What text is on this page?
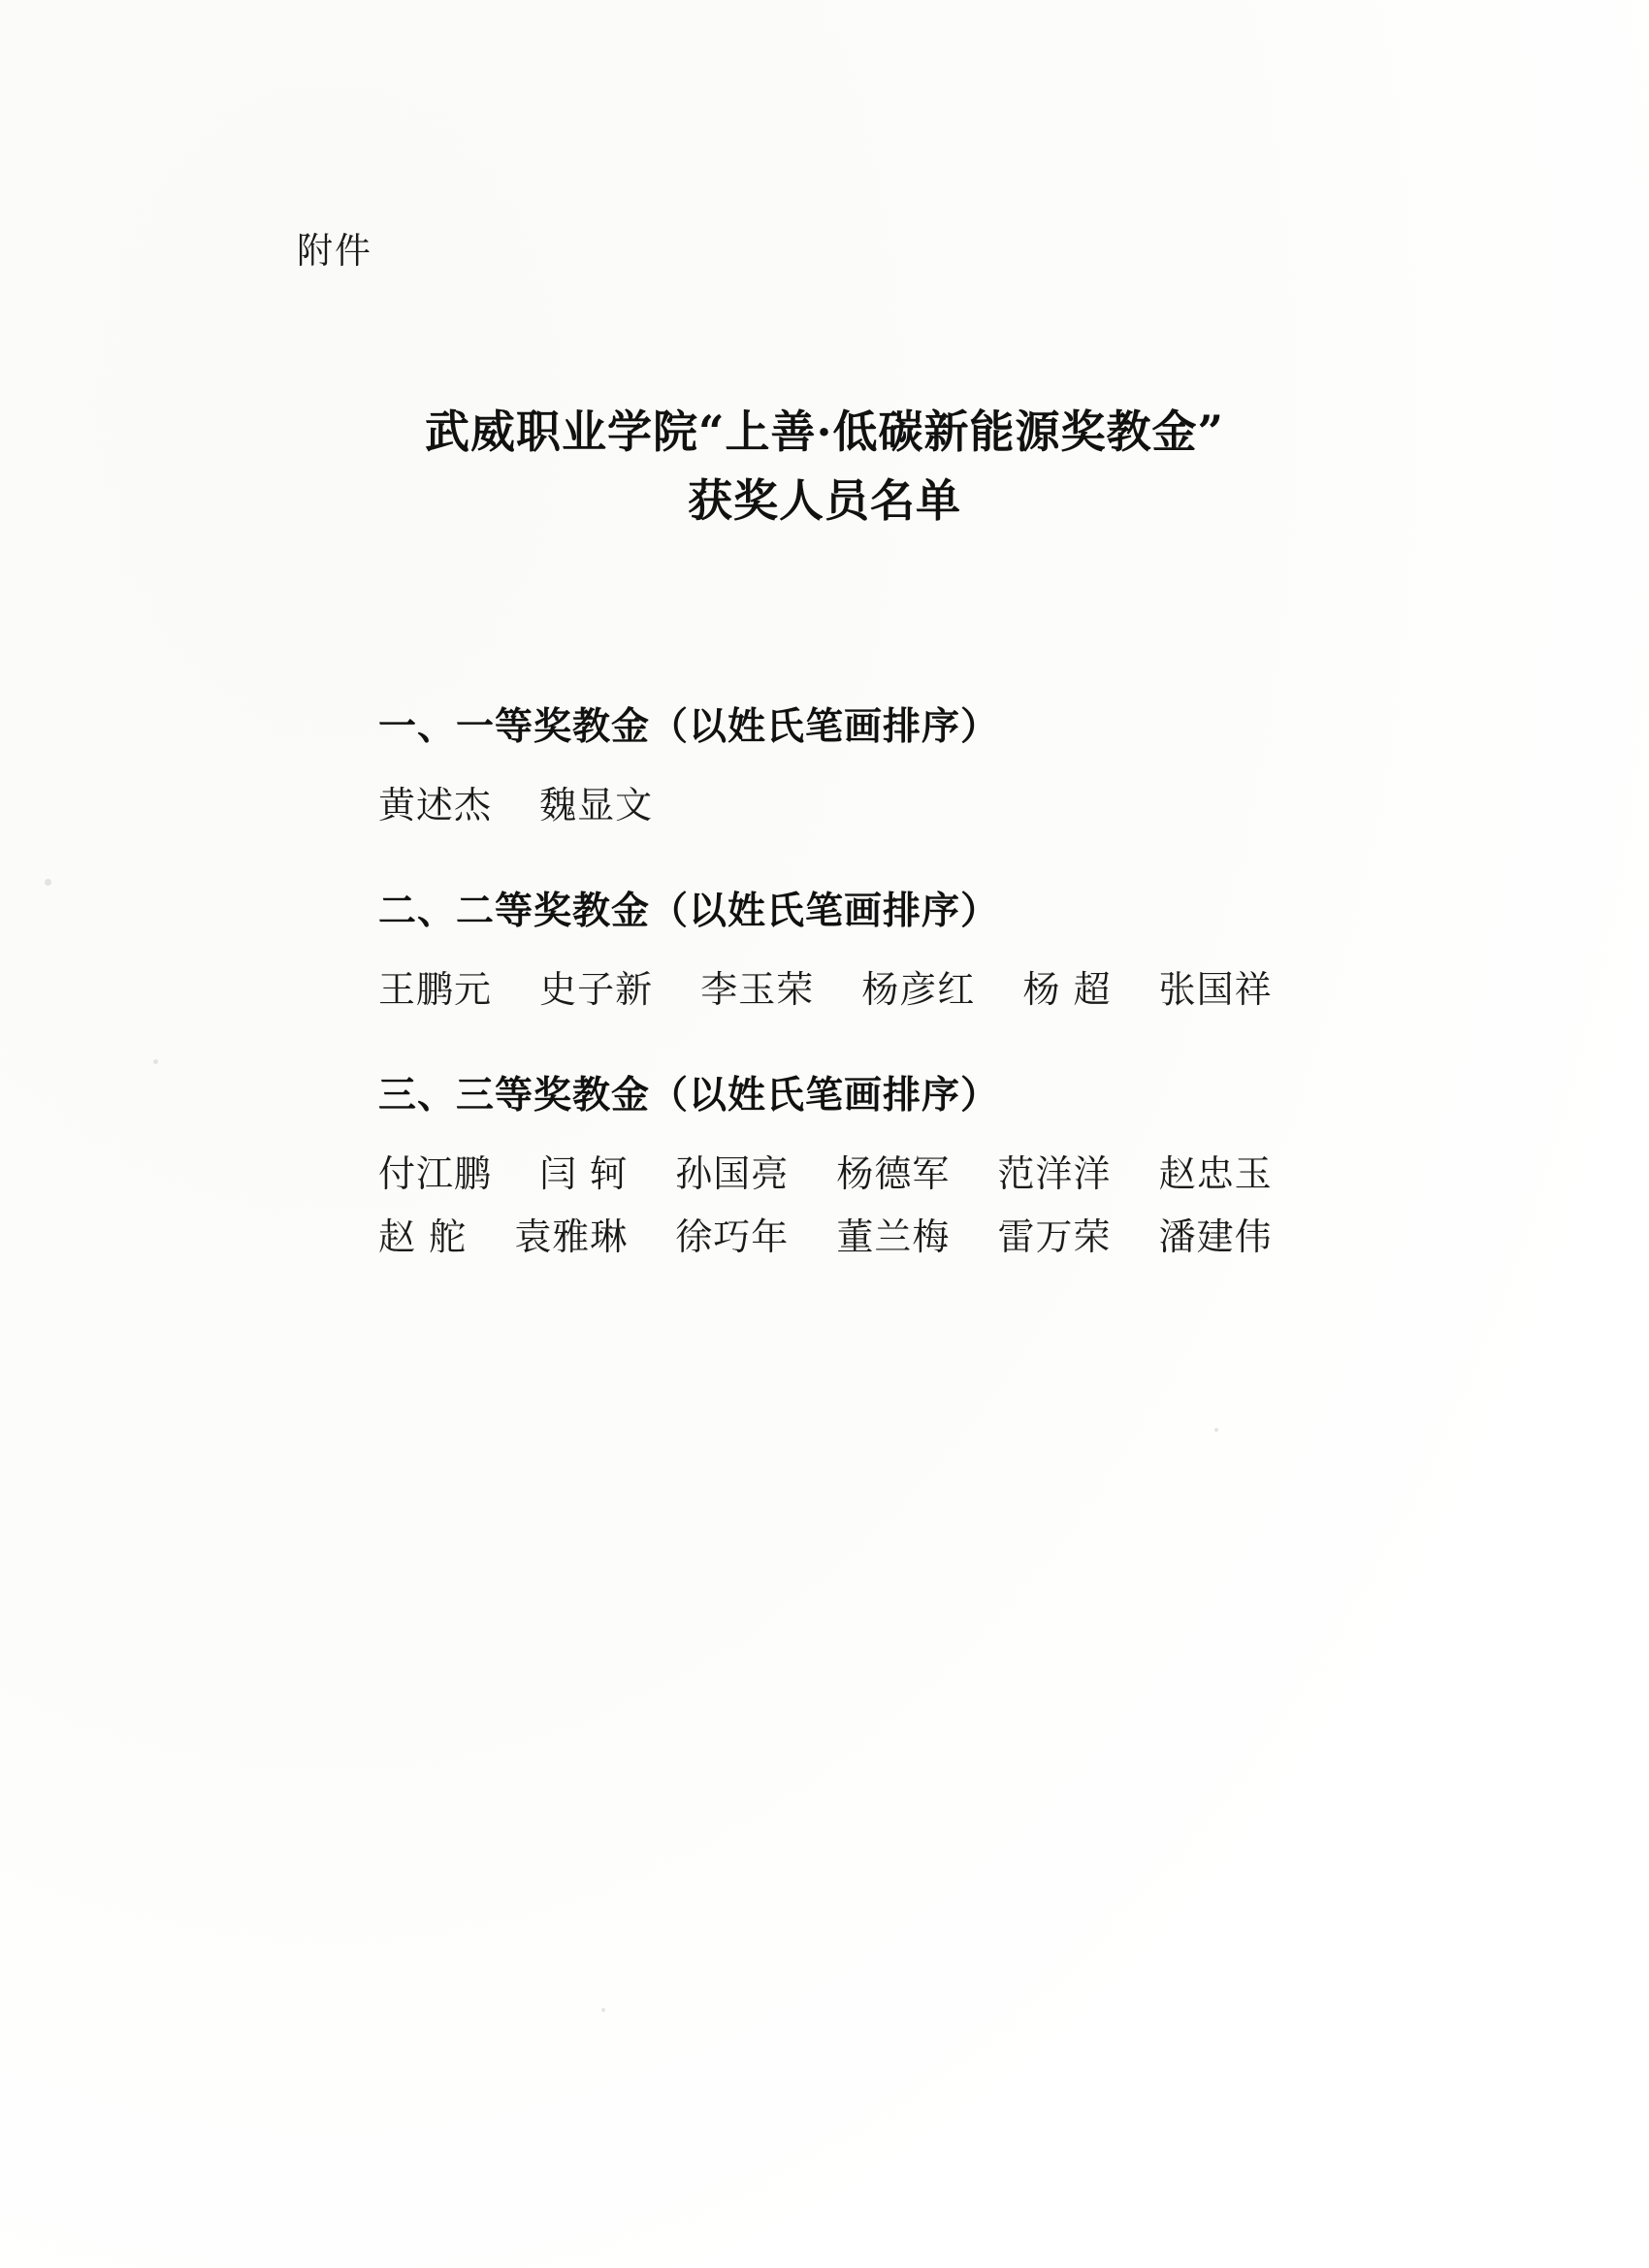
附件
武威职业学院“上善·低碳新能源奖教金”
获奖人员名单
一、一等奖教金（以姓氏笔画排序）
黄述杰 魏显文
二、二等奖教金（以姓氏笔画排序）
王鹏元 史子新 李玉荣 杨彦红 杨 超 张国祥
三、三等奖教金（以姓氏笔画排序）
付江鹏 闫 轲 孙国亮 杨德军 范洋洋 赵忠玉
赵 舵 袁雅琳 徐巧年 董兰梅 雷万荣 潘建伟
